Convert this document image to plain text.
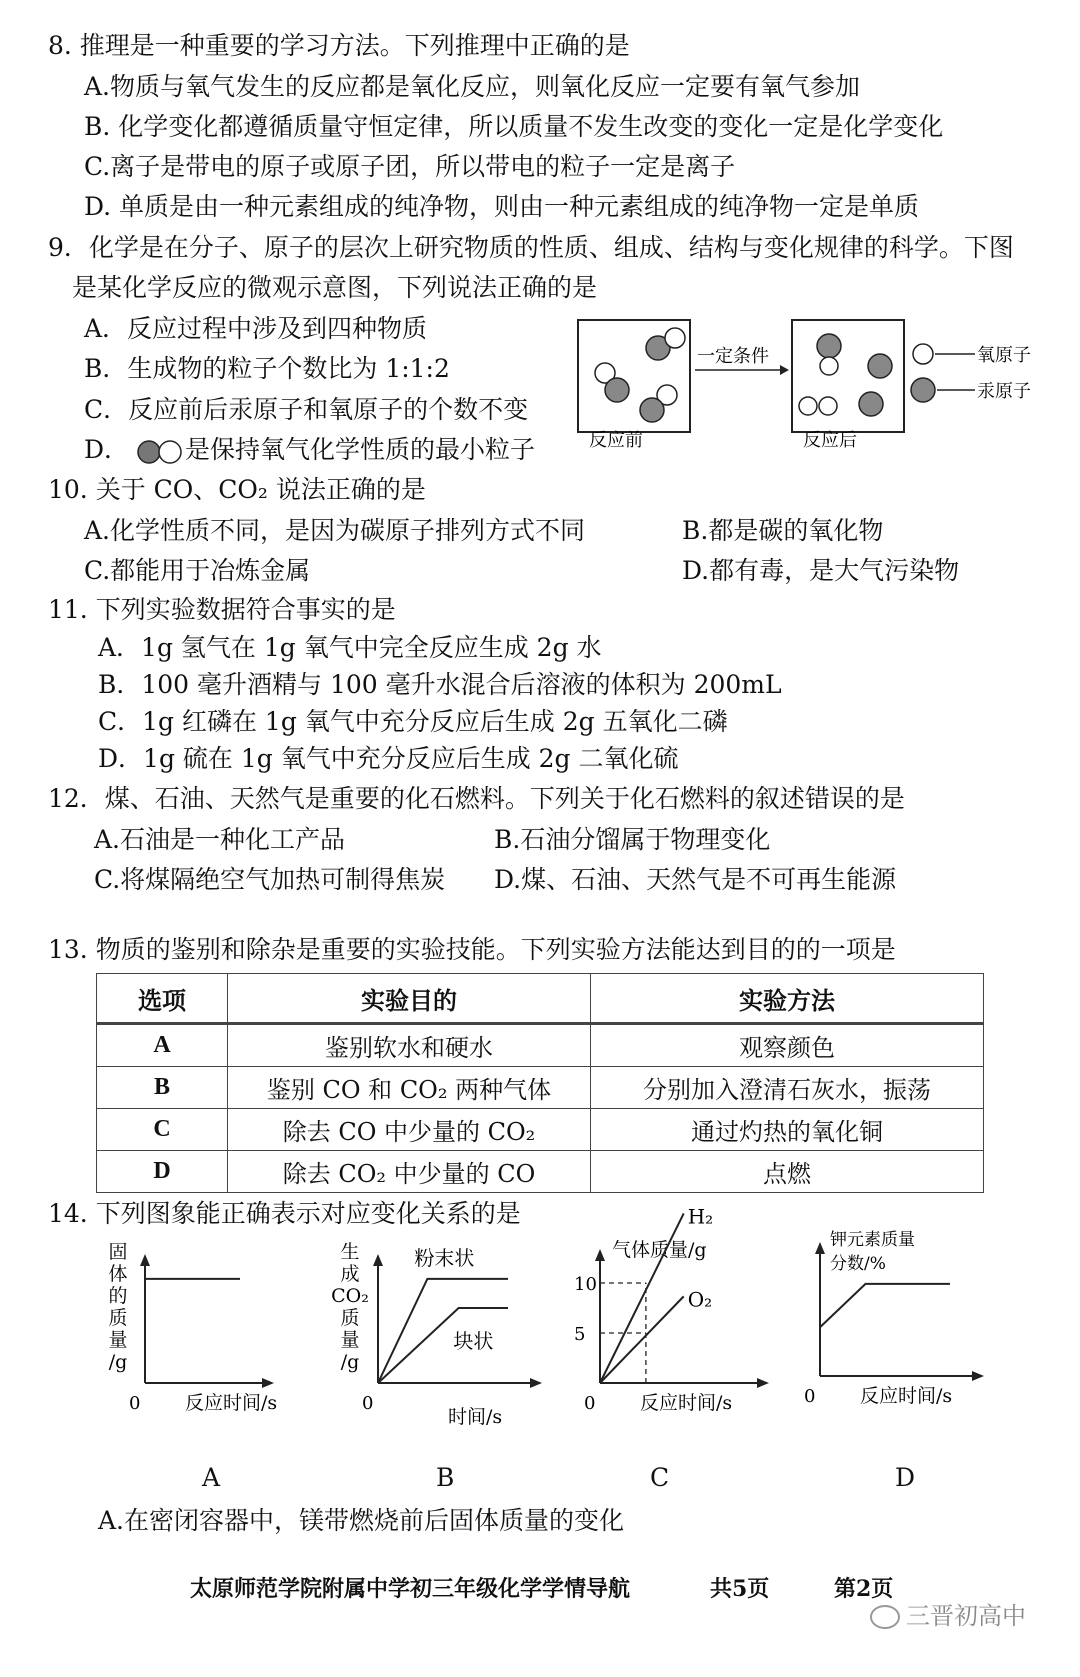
8. 推理是一种重要的学习方法。下列推理中正确的是
A.物质与氧气发生的反应都是氧化反应，则氧化反应一定要有氧气参加
B. 化学变化都遵循质量守恒定律，所以质量不发生改变的变化一定是化学变化
C.离子是带电的原子或原子团，所以带电的粒子一定是离子
D. 单质是由一种元素组成的纯净物，则由一种元素组成的纯净物一定是单质
9．化学是在分子、原子的层次上研究物质的性质、组成、结构与变化规律的科学。下图
是某化学反应的微观示意图，下列说法正确的是
A．反应过程中涉及到四种物质
B．生成物的粒子个数比为 1:1:2
C．反应前后汞原子和氧原子的个数不变
D． 是保持氧气化学性质的最小粒子
一定条件
反应前	反应后
氧原子
汞原子
10. 关于 CO、CO₂ 说法正确的是
A.化学性质不同，是因为碳原子排列方式不同	B.都是碳的氧化物
C.都能用于冶炼金属	D.都有毒，是大气污染物
11. 下列实验数据符合事实的是
A．1g 氢气在 1g 氧气中完全反应生成 2g 水
B．100 毫升酒精与 100 毫升水混合后溶液的体积为 200mL
C．1g 红磷在 1g 氧气中充分反应后生成 2g 五氧化二磷
D．1g 硫在 1g 氧气中充分反应后生成 2g 二氧化硫
12．煤、石油、天然气是重要的化石燃料。下列关于化石燃料的叙述错误的是
A.石油是一种化工产品	B.石油分馏属于物理变化
C.将煤隔绝空气加热可制得焦炭 D.煤、石油、天然气是不可再生能源
13. 物质的鉴别和除杂是重要的实验技能。下列实验方法能达到目的的一项是
选项	实验目的	实验方法
A	鉴别软水和硬水	观察颜色
B	鉴别 CO 和 CO₂ 两种气体	分别加入澄清石灰水，振荡
C	除去 CO 中少量的 CO₂	通过灼热的氧化铜
D	除去 CO₂ 中少量的 CO	点燃
14. 下列图象能正确表示对应变化关系的是
0 反应时间/s
固体的质量/g
0
时间/s
生成 CO₂ 质量/g
粉末状
块状
0 反应时间/s
气体质量/g
5
10
H₂
O₂
0 反应时间/s
钾元素质量分数/%
A	B	C	D
A.在密闭容器中，镁带燃烧前后固体质量的变化
太原师范学院附属中学初三年级化学学情导航	共5页	第2页
三晋初高中
